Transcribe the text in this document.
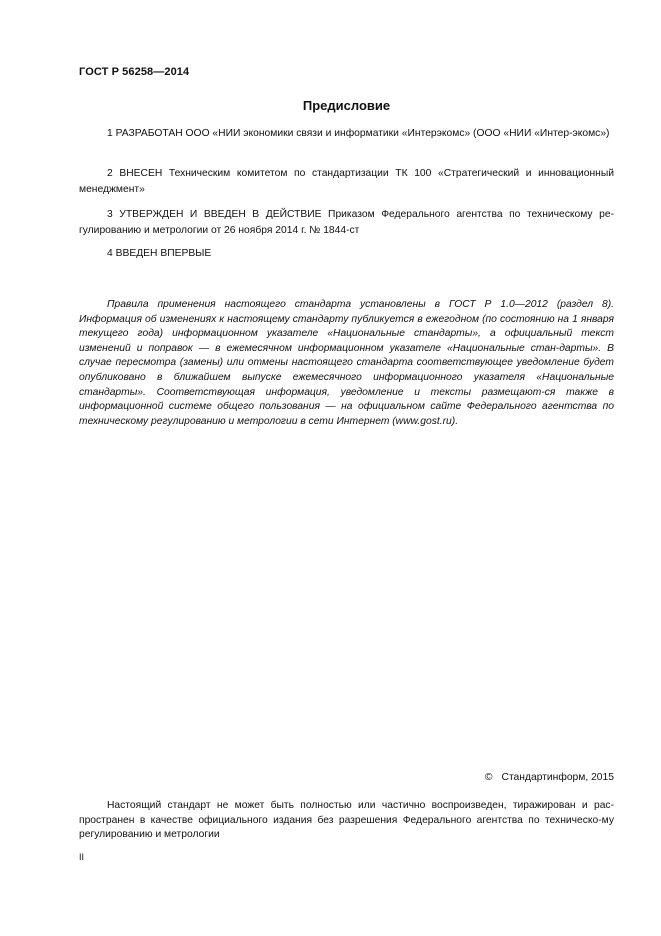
ГОСТ Р 56258—2014
Предисловие

1 РАЗРАБОТАН ООО «НИИ экономики связи и информатики «Интерэкомс» (ООО «НИИ «Интер-экомс»)

2 ВНЕСЕН Техническим комитетом по стандартизации ТК 100 «Стратегический и инновационный менеджмент»

3 УТВЕРЖДЕН И ВВЕДЕН В ДЕЙСТВИЕ Приказом Федерального агентства по техническому ре-гулированию и метрологии от 26 ноября 2014 г. № 1844-ст

4 ВВЕДЕН ВПЕРВЫЕ

Правила применения настоящего стандарта установлены в ГОСТ Р 1.0—2012 (раздел 8). Информация об изменениях к настоящему стандарту публикуется в ежегодном (по состоянию на 1 января текущего года) информационном указателе «Национальные стандарты», а официальный текст изменений и поправок — в ежемесячном информационном указателе «Национальные стан-дарты». В случае пересмотра (замены) или отмены настоящего стандарта соответствующее уведомление будет опубликовано в ближайшем выпуске ежемесячного информационного указателя «Национальные стандарты». Соответствующая информация, уведомление и тексты размещают-ся также в информационной системе общего пользования — на официальном сайте Федерального агентства по техническому регулированию и метрологии в сети Интернет (www.gost.ru).

© Стандартинформ, 2015

Настоящий стандарт не может быть полностью или частично воспроизведен, тиражирован и рас-пространен в качестве официального издания без разрешения Федерального агентства по техническо-му регулированию и метрологии

II
